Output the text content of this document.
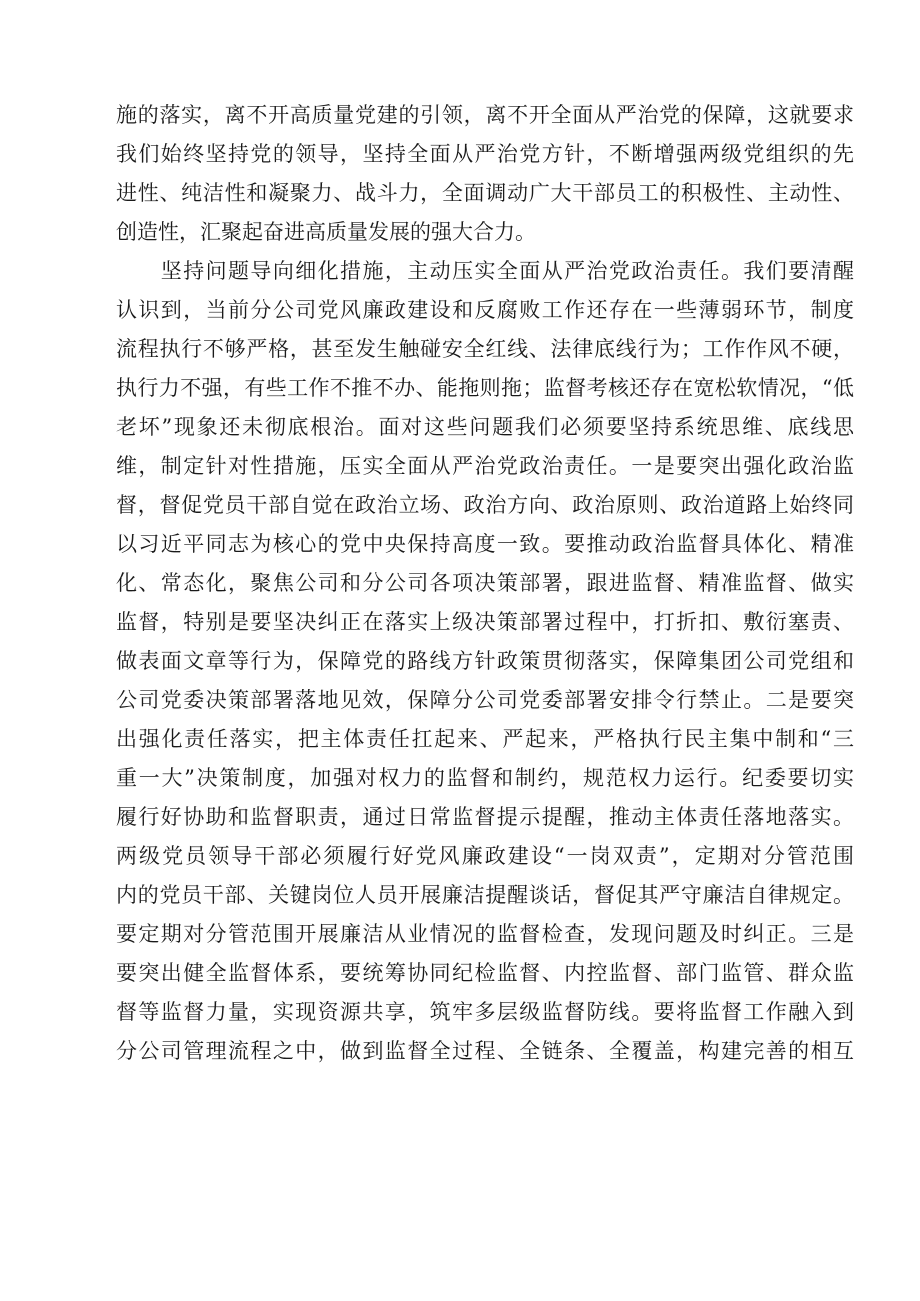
施的落实，离不开高质量党建的引领，离不开全面从严治党的保障，这就要求
我们始终坚持党的领导，坚持全面从严治党方针，不断增强两级党组织的先
进性、纯洁性和凝聚力、战斗力，全面调动广大干部员工的积极性、主动性、
创造性，汇聚起奋进高质量发展的强大合力。
　　坚持问题导向细化措施，主动压实全面从严治党政治责任。我们要清醒
认识到，当前分公司党风廉政建设和反腐败工作还存在一些薄弱环节，制度
流程执行不够严格，甚至发生触碰安全红线、法律底线行为；工作作风不硬，
执行力不强，有些工作不推不办、能拖则拖；监督考核还存在宽松软情况，“低
老坏”现象还未彻底根治。面对这些问题我们必须要坚持系统思维、底线思
维，制定针对性措施，压实全面从严治党政治责任。一是要突出强化政治监
督，督促党员干部自觉在政治立场、政治方向、政治原则、政治道路上始终同
以习近平同志为核心的党中央保持高度一致。要推动政治监督具体化、精准
化、常态化，聚焦公司和分公司各项决策部署，跟进监督、精准监督、做实
监督，特别是要坚决纠正在落实上级决策部署过程中，打折扣、敷衍塞责、
做表面文章等行为，保障党的路线方针政策贯彻落实，保障集团公司党组和
公司党委决策部署落地见效，保障分公司党委部署安排令行禁止。二是要突
出强化责任落实，把主体责任扛起来、严起来，严格执行民主集中制和“三
重一大”决策制度，加强对权力的监督和制约，规范权力运行。纪委要切实
履行好协助和监督职责，通过日常监督提示提醒，推动主体责任落地落实。
两级党员领导干部必须履行好党风廉政建设“一岗双责”，定期对分管范围
内的党员干部、关键岗位人员开展廉洁提醒谈话，督促其严守廉洁自律规定。
要定期对分管范围开展廉洁从业情况的监督检查，发现问题及时纠正。三是
要突出健全监督体系，要统筹协同纪检监督、内控监督、部门监管、群众监
督等监督力量，实现资源共享，筑牢多层级监督防线。要将监督工作融入到
分公司管理流程之中，做到监督全过程、全链条、全覆盖，构建完善的相互
